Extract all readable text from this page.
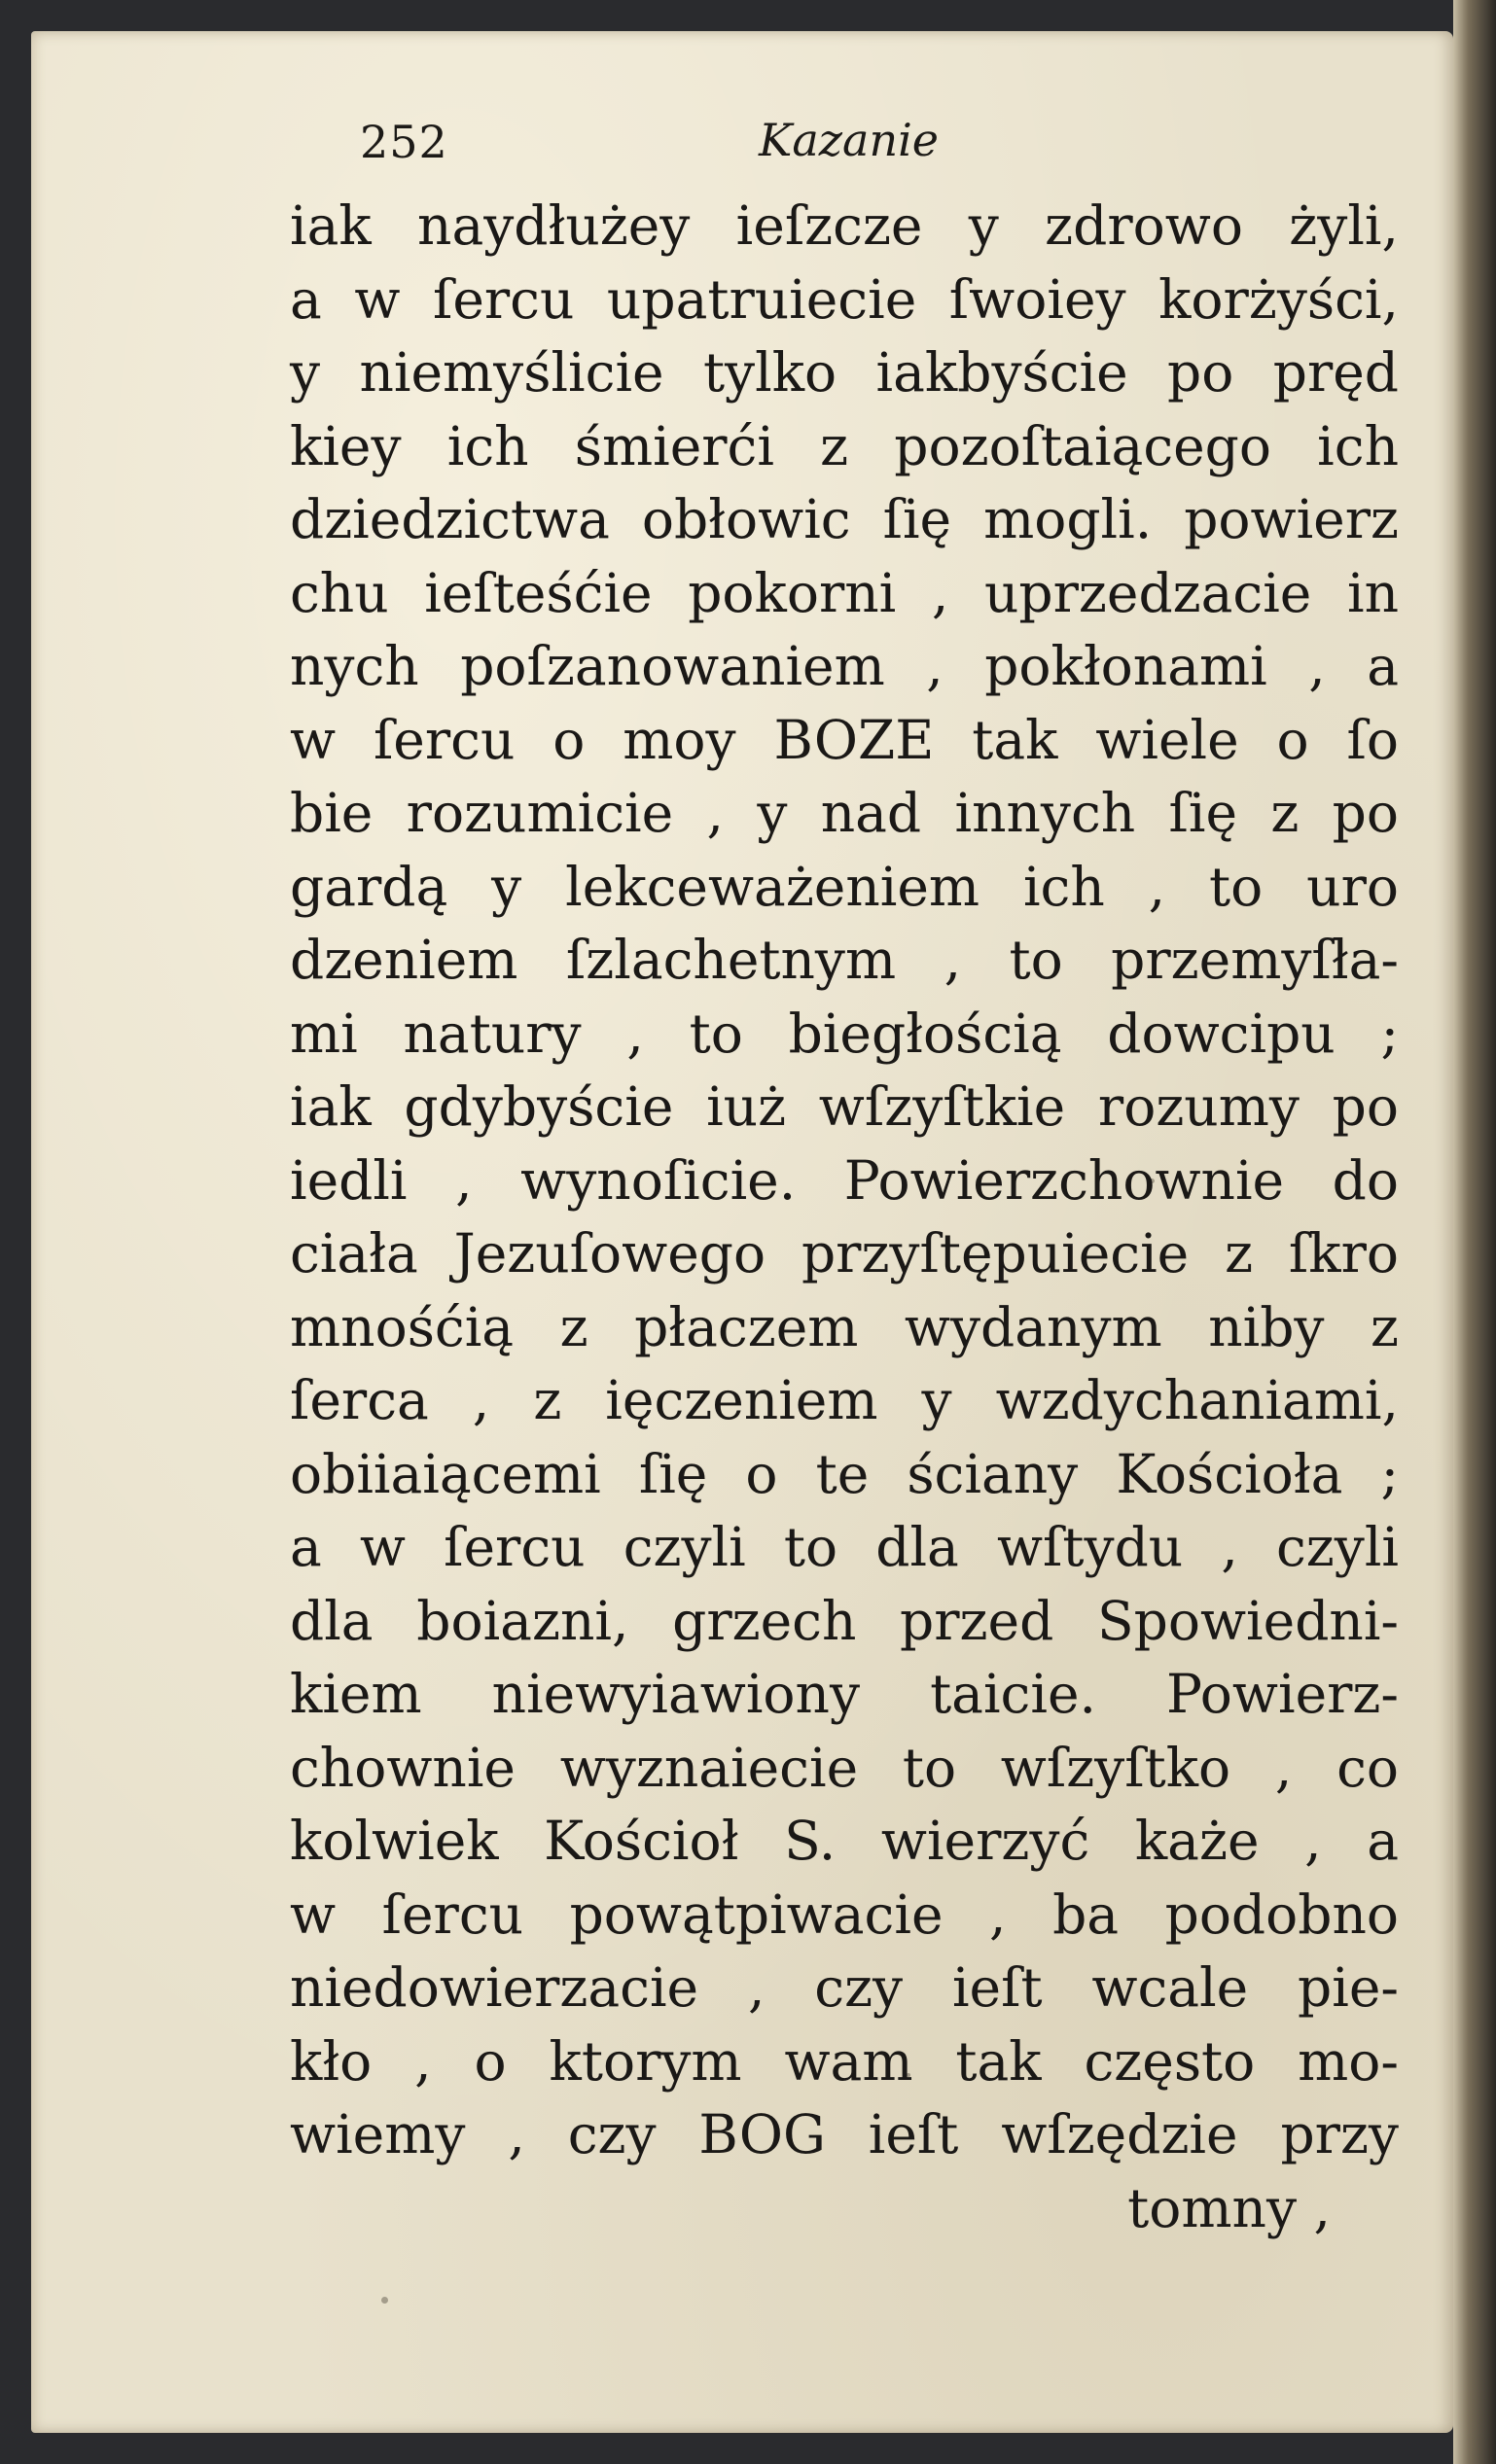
252	Kazanie
iak naydłużey ieſzcze y zdrowo żyli,
a w ſercu upatruiecie ſwoiey korżyści,
y niemyślicie tylko iakbyście po pręd
kiey ich śmierći z pozoſtaiącego ich
dziedzictwa obłowic ſię mogli. powierz
chu ieſteśćie pokorni , uprzedzacie in
nych poſzanowaniem , pokłonami , a
w ſercu o moy BOZE tak wiele o ſo
bie rozumicie , y nad innych ſię z po
gardą y lekceważeniem ich , to uro
dzeniem ſzlachetnym , to przemyſła-
mi natury , to biegłością dowcipu ;
iak gdybyście iuż wſzyſtkie rozumy po
iedli , wynoſicie. Powierzchownie do
ciała Jezuſowego przyſtępuiecie z ſkro
mnośćią z płaczem wydanym niby z
ſerca , z ięczeniem y wzdychaniami,
obiiaiącemi ſię o te ściany Kościoła ;
a w ſercu czyli to dla wſtydu , czyli
dla boiazni, grzech przed Spowiedni-
kiem niewyiawiony taicie. Powierz-
chownie wyznaiecie to wſzyſtko , co
kolwiek Kościoł S. wierzyć każe , a
w ſercu powątpiwacie , ba podobno
niedowierzacie , czy ieſt wcale pie-
kło , o ktorym wam tak często mo-
wiemy , czy BOG ieſt wſzędzie przy
tomny ,
